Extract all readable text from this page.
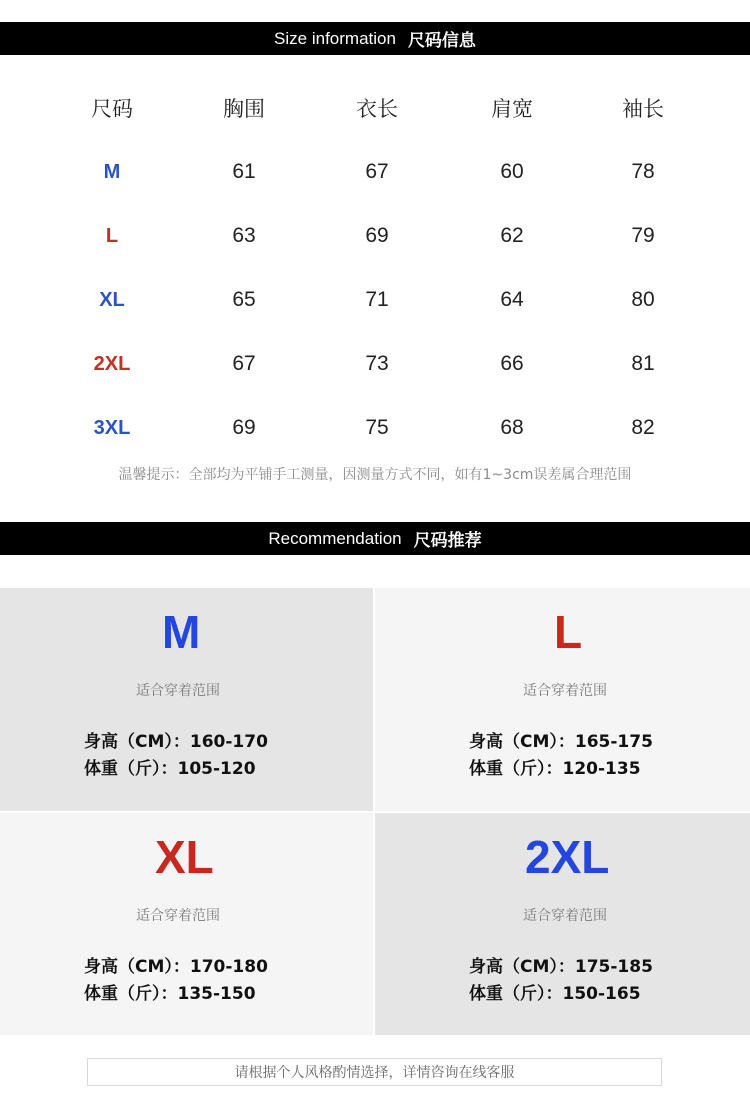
Size information 尺码信息
尺码	胸围	衣长	肩宽	袖长
M	61	67	60	78
L	63	69	62	79
XL	65	71	64	80
2XL	67	73	66	81
3XL	69	75	68	82
温馨提示：全部均为平铺手工测量，因测量方式不同，如有1~3cm误差属合理范围
Recommendation 尺码推荐
M
适合穿着范围
身高（CM）：160-170
体重（斤）：105-120
L
适合穿着范围
身高（CM）：165-175
体重（斤）：120-135
XL
适合穿着范围
身高（CM）：170-180
体重（斤）：135-150
2XL
适合穿着范围
身高（CM）：175-185
体重（斤）：150-165
请根据个人风格酌情选择，详情咨询在线客服
